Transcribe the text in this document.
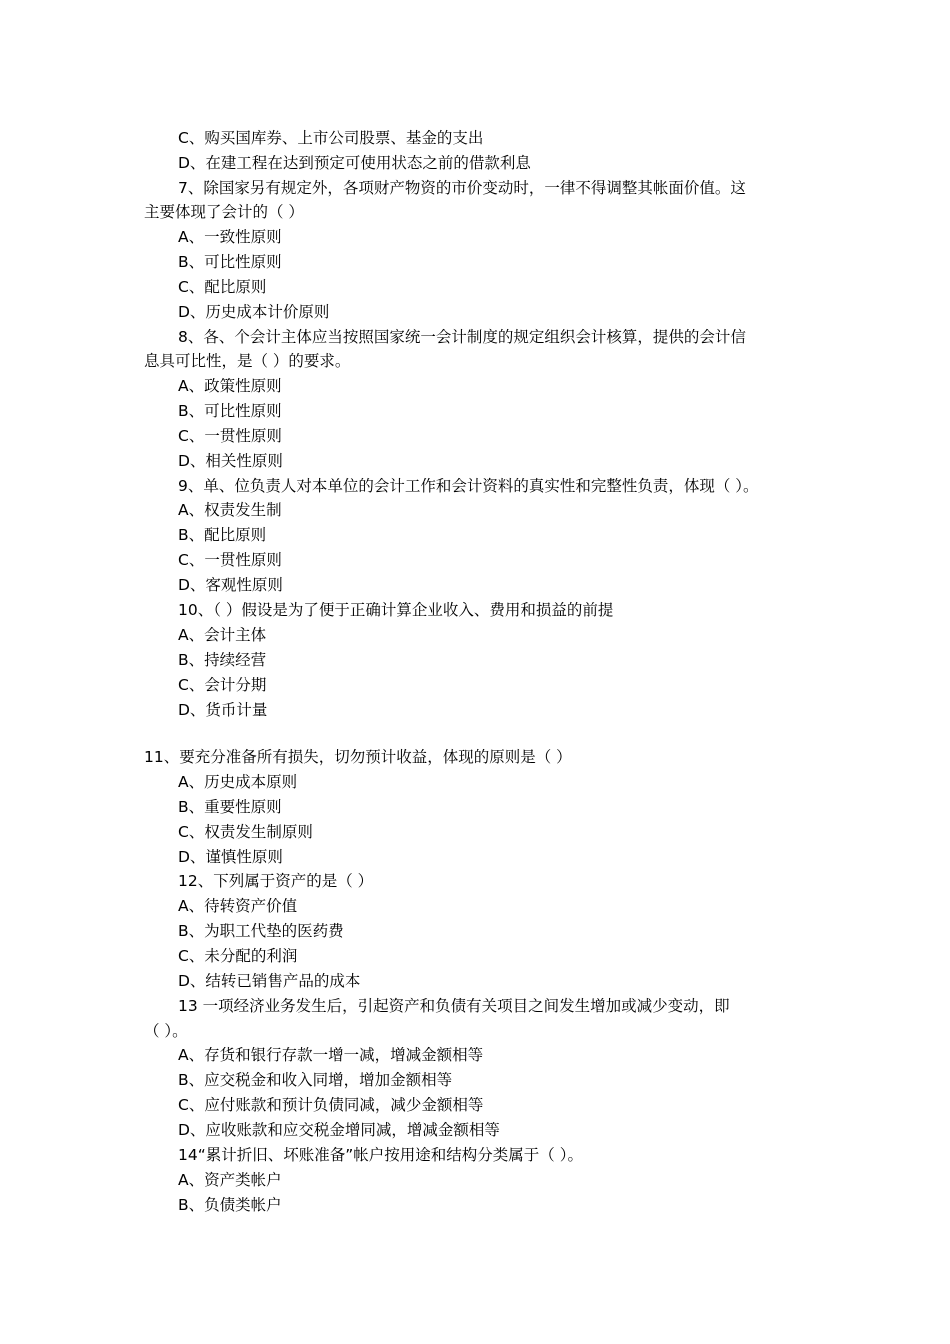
C、购买国库券、上市公司股票、基金的支出
D、在建工程在达到预定可使用状态之前的借款利息
7、除国家另有规定外，各项财产物资的市价变动时，一律不得调整其帐面价值。这
主要体现了会计的（ ）
A、一致性原则
B、可比性原则
C、配比原则
D、历史成本计价原则
8、各、个会计主体应当按照国家统一会计制度的规定组织会计核算，提供的会计信
息具可比性，是（ ）的要求。
A、政策性原则
B、可比性原则
C、一贯性原则
D、相关性原则
9、单、位负责人对本单位的会计工作和会计资料的真实性和完整性负责，体现（ ）。
A、权责发生制
B、配比原则
C、一贯性原则
D、客观性原则
10、（ ）假设是为了便于正确计算企业收入、费用和损益的前提
A、会计主体
B、持续经营
C、会计分期
D、货币计量
11、要充分准备所有损失，切勿预计收益，体现的原则是（ ）
A、历史成本原则
B、重要性原则
C、权责发生制原则
D、谨慎性原则
12、下列属于资产的是（ ）
A、待转资产价值
B、为职工代垫的医药费
C、未分配的利润
D、结转已销售产品的成本
13 一项经济业务发生后，引起资产和负债有关项目之间发生增加或减少变动，即
（ ）。
A、存货和银行存款一增一减，增减金额相等
B、应交税金和收入同增，增加金额相等
C、应付账款和预计负债同减，减少金额相等
D、应收账款和应交税金增同减，增减金额相等
14“累计折旧、坏账准备”帐户按用途和结构分类属于（ ）。
A、资产类帐户
B、负债类帐户
